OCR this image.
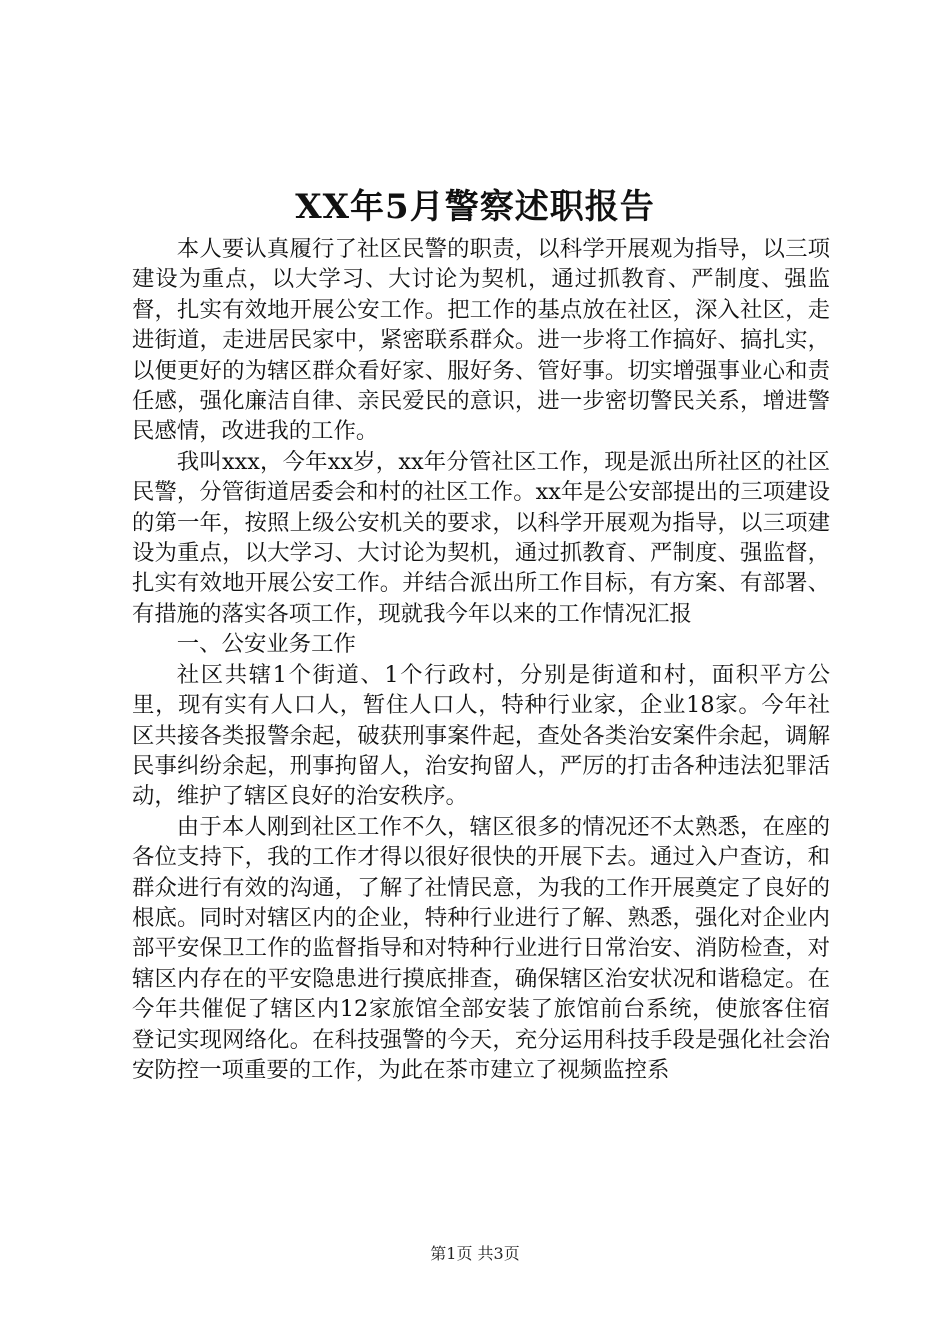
XX年5月警察述职报告

本人要认真履行了社区民警的职责，以科学开展观为指导，以三项建设为重点，以大学习、大讨论为契机，通过抓教育、严制度、强监督，扎实有效地开展公安工作。把工作的基点放在社区，深入社区，走进街道，走进居民家中，紧密联系群众。进一步将工作搞好、搞扎实，以便更好的为辖区群众看好家、服好务、管好事。切实增强事业心和责任感，强化廉洁自律、亲民爱民的意识，进一步密切警民关系，增进警民感情，改进我的工作。

我叫xxx，今年xx岁，xx年分管社区工作，现是派出所社区的社区民警，分管街道居委会和村的社区工作。xx年是公安部提出的三项建设的第一年，按照上级公安机关的要求，以科学开展观为指导，以三项建设为重点，以大学习、大讨论为契机，通过抓教育、严制度、强监督，扎实有效地开展公安工作。并结合派出所工作目标，有方案、有部署、有措施的落实各项工作，现就我今年以来的工作情况汇报

一、公安业务工作

社区共辖1个街道、1个行政村，分别是街道和村，面积平方公里，现有实有人口人，暂住人口人，特种行业家，企业18家。今年社区共接各类报警余起，破获刑事案件起，查处各类治安案件余起，调解民事纠纷余起，刑事拘留人，治安拘留人，严厉的打击各种违法犯罪活动，维护了辖区良好的治安秩序。

由于本人刚到社区工作不久，辖区很多的情况还不太熟悉，在座的各位支持下，我的工作才得以很好很快的开展下去。通过入户查访，和群众进行有效的沟通，了解了社情民意，为我的工作开展奠定了良好的根底。同时对辖区内的企业，特种行业进行了解、熟悉，强化对企业内部平安保卫工作的监督指导和对特种行业进行日常治安、消防检查，对辖区内存在的平安隐患进行摸底排查，确保辖区治安状况和谐稳定。在今年共催促了辖区内12家旅馆全部安装了旅馆前台系统，使旅客住宿登记实现网络化。在科技强警的今天，充分运用科技手段是强化社会治安防控一项重要的工作，为此在茶市建立了视频监控系

第1页 共3页
